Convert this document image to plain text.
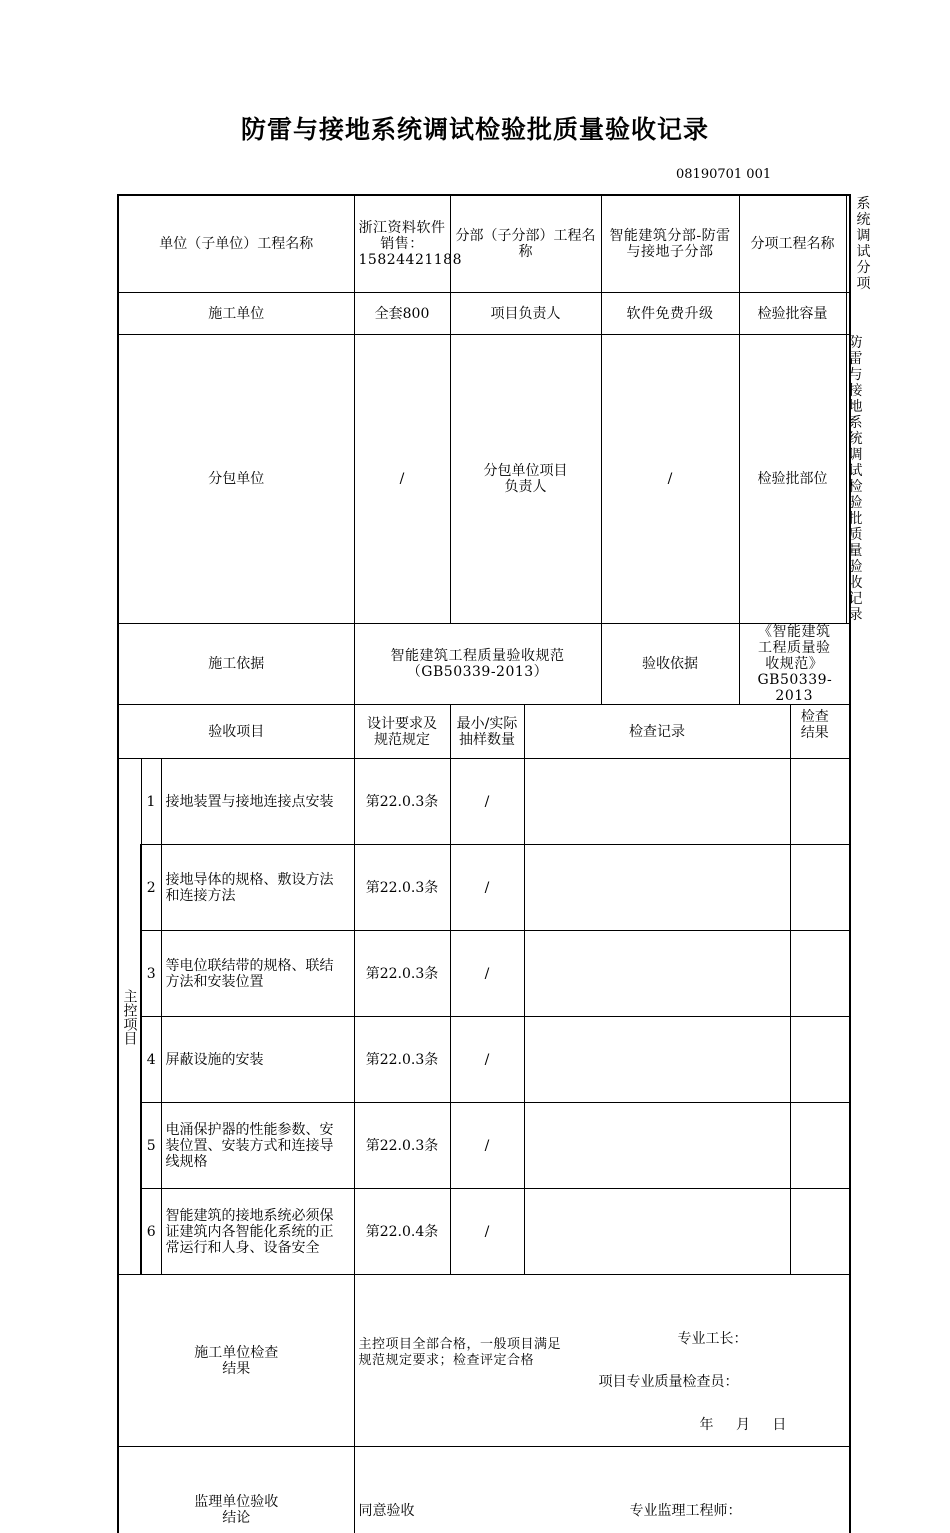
防雷与接地系统调试检验批质量验收记录
08190701 001
单位（子单位）工程名称			浙江资料软件销售：15824421188	分部（子分部）工程名称		智能建筑分部-防雷与接地子分部	分项工程名称		系统调试分项
施工单位			全套800	项目负责人		软件免费升级	检验批容量		
分包单位			/	分包单位项目负责人		/	检验批部位		防雷与接地系统调试检验批质量验收记录
施工依据			智能建筑工程质量验收规范（GB50339-2013）			验收依据	《智能建筑工程质量验收规范》GB50339-2013		
验收项目			设计要求及规范规定	最小/实际抽样数量	检查记录			检查结果	

主控项目	1	接地装置与接地连接点安装	第22.0.3条	/					
	2	接地导体的规格、敷设方法和连接方法	第22.0.3条	/					
	3	等电位联结带的规格、联结方法和安装位置	第22.0.3条	/					
	4	屏蔽设施的安装	第22.0.3条	/					
	5	电涌保护器的性能参数、安装位置、安装方式和连接导线规格	第22.0.3条	/					
	6	智能建筑的接地系统必须保证建筑内各智能化系统的正常运行和人身、设备安全	第22.0.4条	/					
施工单位检查结果			主控项目全部合格，一般项目满足规范规定要求；检查评定合格
专业工长：
项目专业质量检查员：
年 月 日						

监理单位验收结论			同意验收 专业监理工程师：						
